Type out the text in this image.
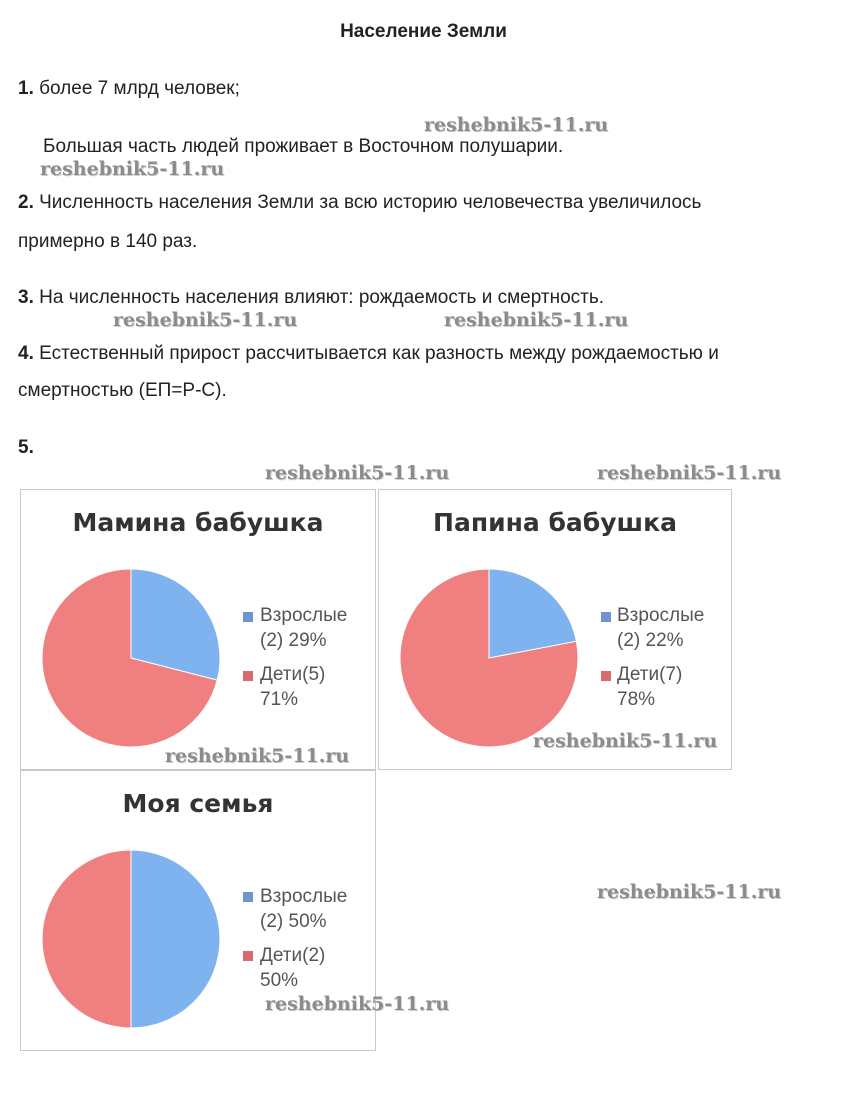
Население Земли
1. более 7 млрд человек;
Большая часть людей проживает в Восточном полушарии.
2. Численность населения Земли за всю историю человечества увеличилось
примерно в 140 раз.
3. На численность населения влияют: рождаемость и смертность.
4. Естественный прирост рассчитывается как разность между рождаемостью и
смертностью (ЕП=Р-С).
5.
Мамина бабушка
Взрослые
(2) 29%
Дети(5)
71%
Папина бабушка
Взрослые
(2) 22%
Дети(7)
78%
Моя семья
Взрослые
(2) 50%
Дети(2)
50%
reshebnik5-11.ru
reshebnik5-11.ru
reshebnik5-11.ru	reshebnik5-11.ru
reshebnik5-11.ru	reshebnik5-11.ru
reshebnik5-11.ru
reshebnik5-11.ru
reshebnik5-11.ru
reshebnik5-11.ru
